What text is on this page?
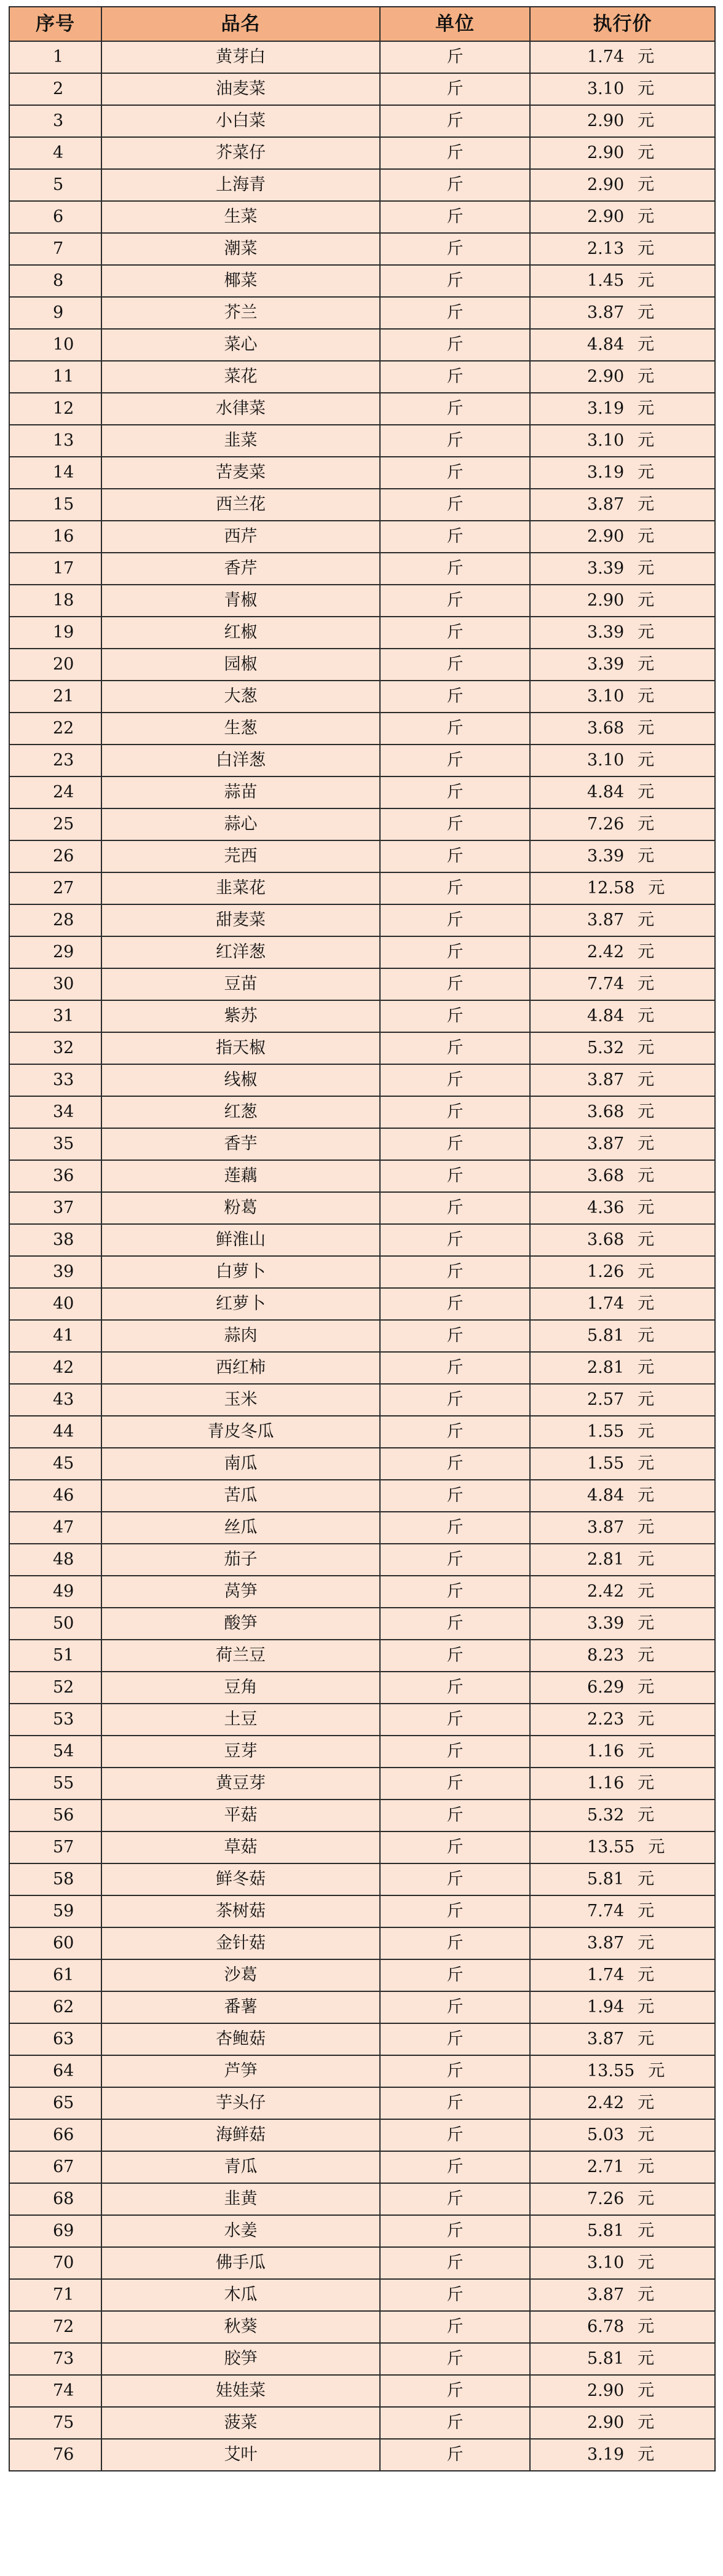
序号	品名	单位	执行价
1	黄芽白	斤	1.74 元
2	油麦菜	斤	3.10 元
3	小白菜	斤	2.90 元
4	芥菜仔	斤	2.90 元
5	上海青	斤	2.90 元
6	生菜	斤	2.90 元
7	潮菜	斤	2.13 元
8	椰菜	斤	1.45 元
9	芥兰	斤	3.87 元
10	菜心	斤	4.84 元
11	菜花	斤	2.90 元
12	水律菜	斤	3.19 元
13	韭菜	斤	3.10 元
14	苦麦菜	斤	3.19 元
15	西兰花	斤	3.87 元
16	西芹	斤	2.90 元
17	香芹	斤	3.39 元
18	青椒	斤	2.90 元
19	红椒	斤	3.39 元
20	园椒	斤	3.39 元
21	大葱	斤	3.10 元
22	生葱	斤	3.68 元
23	白洋葱	斤	3.10 元
24	蒜苗	斤	4.84 元
25	蒜心	斤	7.26 元
26	芫西	斤	3.39 元
27	韭菜花	斤	12.58 元
28	甜麦菜	斤	3.87 元
29	红洋葱	斤	2.42 元
30	豆苗	斤	7.74 元
31	紫苏	斤	4.84 元
32	指天椒	斤	5.32 元
33	线椒	斤	3.87 元
34	红葱	斤	3.68 元
35	香芋	斤	3.87 元
36	莲藕	斤	3.68 元
37	粉葛	斤	4.36 元
38	鲜淮山	斤	3.68 元
39	白萝卜	斤	1.26 元
40	红萝卜	斤	1.74 元
41	蒜肉	斤	5.81 元
42	西红柿	斤	2.81 元
43	玉米	斤	2.57 元
44	青皮冬瓜	斤	1.55 元
45	南瓜	斤	1.55 元
46	苦瓜	斤	4.84 元
47	丝瓜	斤	3.87 元
48	茄子	斤	2.81 元
49	莴笋	斤	2.42 元
50	酸笋	斤	3.39 元
51	荷兰豆	斤	8.23 元
52	豆角	斤	6.29 元
53	土豆	斤	2.23 元
54	豆芽	斤	1.16 元
55	黄豆芽	斤	1.16 元
56	平菇	斤	5.32 元
57	草菇	斤	13.55 元
58	鲜冬菇	斤	5.81 元
59	茶树菇	斤	7.74 元
60	金针菇	斤	3.87 元
61	沙葛	斤	1.74 元
62	番薯	斤	1.94 元
63	杏鲍菇	斤	3.87 元
64	芦笋	斤	13.55 元
65	芋头仔	斤	2.42 元
66	海鲜菇	斤	5.03 元
67	青瓜	斤	2.71 元
68	韭黄	斤	7.26 元
69	水姜	斤	5.81 元
70	佛手瓜	斤	3.10 元
71	木瓜	斤	3.87 元
72	秋葵	斤	6.78 元
73	胶笋	斤	5.81 元
74	娃娃菜	斤	2.90 元
75	菠菜	斤	2.90 元
76	艾叶	斤	3.19 元
